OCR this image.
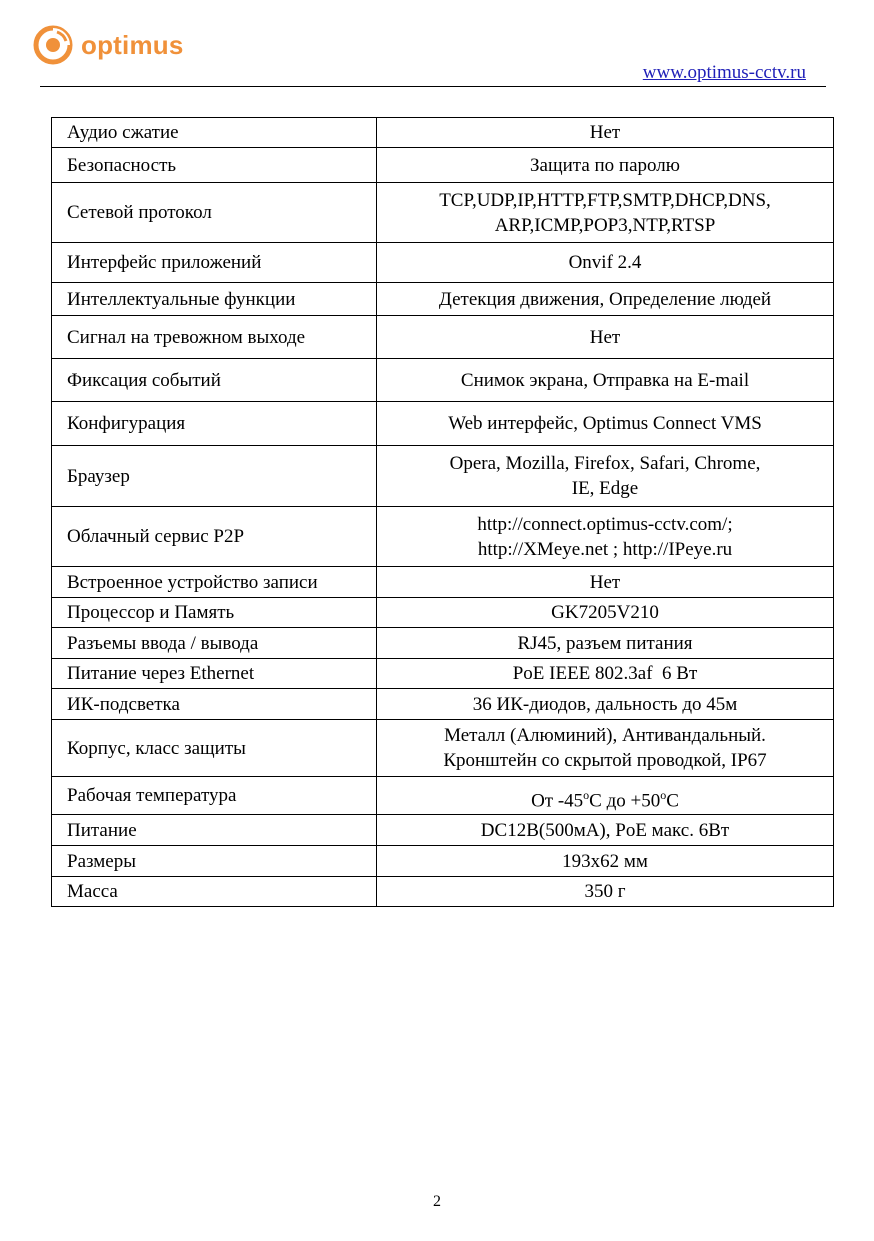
optimus
www.optimus-cctv.ru
Аудио сжатие	Нет
Безопасность	Защита по паролю
Сетевой протокол	TCP,UDP,IP,HTTP,FTP,SMTP,DHCP,DNS,
ARP,ICMP,POP3,NTP,RTSP
Интерфейс приложений	Onvif 2.4
Интеллектуальные функции	Детекция движения, Определение людей
Сигнал на тревожном выходе	Нет
Фиксация событий	Снимок экрана, Отправка на E-mail
Конфигурация	Web интерфейс, Optimus Connect VMS
Браузер	Opera, Mozilla, Firefox, Safari, Chrome,
IE, Edge
Облачный сервис P2P	http://connect.optimus-cctv.com/;
http://XMeye.net ; http://IPeye.ru
Встроенное устройство записи	Нет
Процессор и Память	GK7205V210
Разъемы ввода / вывода	RJ45, разъем питания
Питание через Ethernet	PoE IEEE 802.3af  6 Вт
ИК-подсветка	36 ИК-диодов, дальность до 45м
Корпус, класс защиты	Металл (Алюминий), Антивандальный.
Кронштейн со скрытой проводкой, IP67
Рабочая температура	От -45$^o$C до $+50^oC$
Питание	DC12В(500мА), PoE макс. 6Вт
Размеры	193х62 мм
Масса	350 г
2
